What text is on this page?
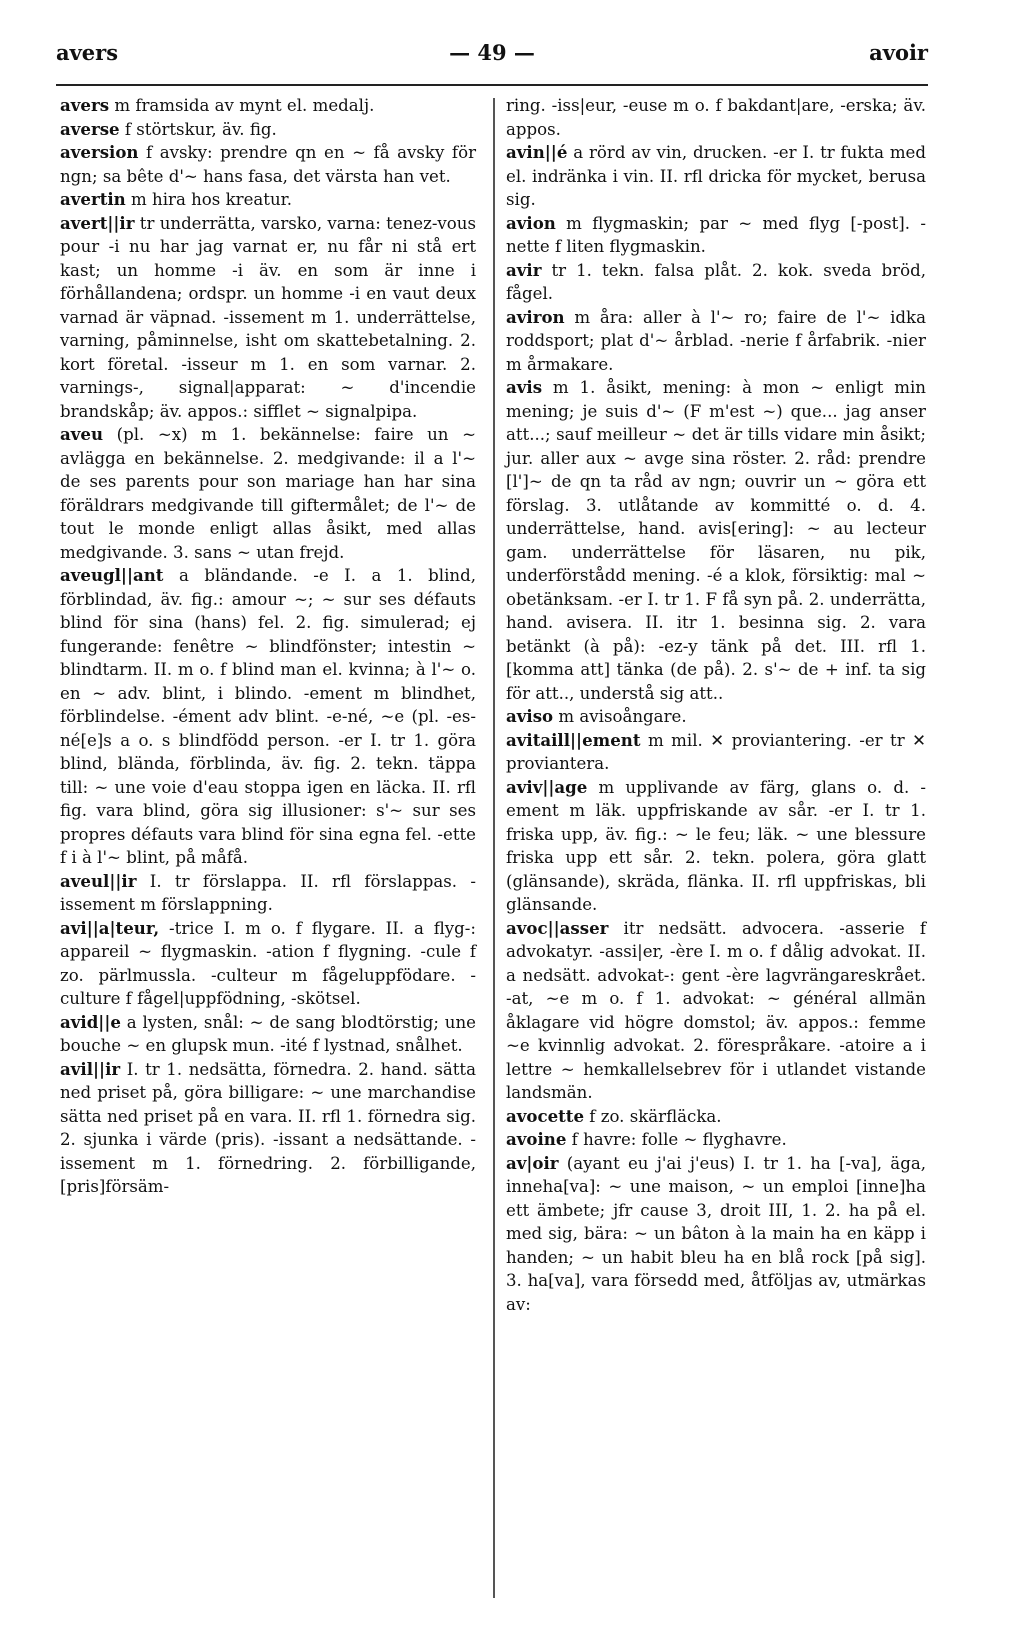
avers	— 49 —	avoir

avers m framsida av mynt el. medalj.

averse f störtskur, äv. fig.

aversion f avsky: prendre qn en ~ få avsky för ngn; sa bête d'~ hans fasa, det värsta han vet.

avertin m hira hos kreatur.

avert||ir tr underrätta, varsko, varna: tenez-vous pour -i nu har jag varnat er, nu får ni stå ert kast; un homme -i äv. en som är inne i förhållandena; ordspr. un homme -i en vaut deux varnad är väpnad. -issement m 1. underrättelse, varning, påminnelse, isht om skattebetalning. 2. kort företal. -isseur m 1. en som varnar. 2. varnings-, signal|apparat: ~ d'incendie brandskåp; äv. appos.: sifflet ~ signalpipa.

aveu (pl. ~x) m 1. bekännelse: faire un ~ avlägga en bekännelse. 2. medgivande: il a l'~ de ses parents pour son mariage han har sina föräldrars medgivande till giftermålet; de l'~ de tout le monde enligt allas åsikt, med allas medgivande. 3. sans ~ utan frejd.

aveugl||ant a bländande. -e I. a 1. blind, förblindad, äv. fig.: amour ~; ~ sur ses défauts blind för sina (hans) fel. 2. fig. simulerad; ej fungerande: fenêtre ~ blindfönster; intestin ~ blindtarm. II. m o. f blind man el. kvinna; à l'~ o. en ~ adv. blint, i blindo. -ement m blindhet, förblindelse. -ément adv blint. -e-né, ~e (pl. -es-né[e]s a o. s blindfödd person. -er I. tr 1. göra blind, blända, förblinda, äv. fig. 2. tekn. täppa till: ~ une voie d'eau stoppa igen en läcka. II. rfl fig. vara blind, göra sig illusioner: s'~ sur ses propres défauts vara blind för sina egna fel. -ette f i à l'~ blint, på måfå.

aveul||ir I. tr förslappa. II. rfl förslappas. -issement m förslappning.

avi||a|teur, -trice I. m o. f flygare. II. a flyg-: appareil ~ flygmaskin. -ation f flygning. -cule f zo. pärlmussla. -culteur m fågeluppfödare. -culture f fågel|uppfödning, -skötsel.

avid||e a lysten, snål: ~ de sang blodtörstig; une bouche ~ en glupsk mun. -ité f lystnad, snålhet.

avil||ir I. tr 1. nedsätta, förnedra. 2. hand. sätta ned priset på, göra billigare: ~ une marchandise sätta ned priset på en vara. II. rfl 1. förnedra sig. 2. sjunka i värde (pris). -issant a nedsättande. -issement m 1. förnedring. 2. förbilligande, [pris]försäm-

ring. -iss|eur, -euse m o. f bakdant|are, -erska; äv. appos.

avin||é a rörd av vin, drucken. -er I. tr fukta med el. indränka i vin. II. rfl dricka för mycket, berusa sig.

avion m flygmaskin; par ~ med flyg [-post]. -nette f liten flygmaskin.

avir tr 1. tekn. falsa plåt. 2. kok. sveda bröd, fågel.

aviron m åra: aller à l'~ ro; faire de l'~ idka roddsport; plat d'~ årblad. -nerie f årfabrik. -nier m årmakare.

avis m 1. åsikt, mening: à mon ~ enligt min mening; je suis d'~ (F m'est ~) que... jag anser att...; sauf meilleur ~ det är tills vidare min åsikt; jur. aller aux ~ avge sina röster. 2. råd: prendre [l']~ de qn ta råd av ngn; ouvrir un ~ göra ett förslag. 3. utlåtande av kommitté o. d. 4. underrättelse, hand. avis[ering]: ~ au lecteur gam. underrättelse för läsaren, nu pik, underförstådd mening. -é a klok, försiktig: mal ~ obetänksam. -er I. tr 1. F få syn på. 2. underrätta, hand. avisera. II. itr 1. besinna sig. 2. vara betänkt (à på): -ez-y tänk på det. III. rfl 1. [komma att] tänka (de på). 2. s'~ de + inf. ta sig för att.., understå sig att..

aviso m avisoångare.

avitaill||ement m mil. ✕ proviantering. -er tr ✕ proviantera.

aviv||age m upplivande av färg, glans o. d. -ement m läk. uppfriskande av sår. -er I. tr 1. friska upp, äv. fig.: ~ le feu; läk. ~ une blessure friska upp ett sår. 2. tekn. polera, göra glatt (glänsande), skräda, flänka. II. rfl uppfriskas, bli glänsande.

avoc||asser itr nedsätt. advocera. -asserie f advokatyr. -assi|er, -ère I. m o. f dålig advokat. II. a nedsätt. advokat-: gent -ère lagvrängareskrået. -at, ~e m o. f 1. advokat: ~ général allmän åklagare vid högre domstol; äv. appos.: femme ~e kvinnlig advokat. 2. förespråkare. -atoire a i lettre ~ hemkallelsebrev för i utlandet vistande landsmän.

avocette f zo. skärfläcka.

avoine f havre: folle ~ flyghavre.

av|oir (ayant eu j'ai j'eus) I. tr 1. ha [-va], äga, inneha[va]: ~ une maison, ~ un emploi [inne]ha ett ämbete; jfr cause 3, droit III, 1. 2. ha på el. med sig, bära: ~ un bâton à la main ha en käpp i handen; ~ un habit bleu ha en blå rock [på sig]. 3. ha[va], vara försedd med, åtföljas av, utmärkas av:
